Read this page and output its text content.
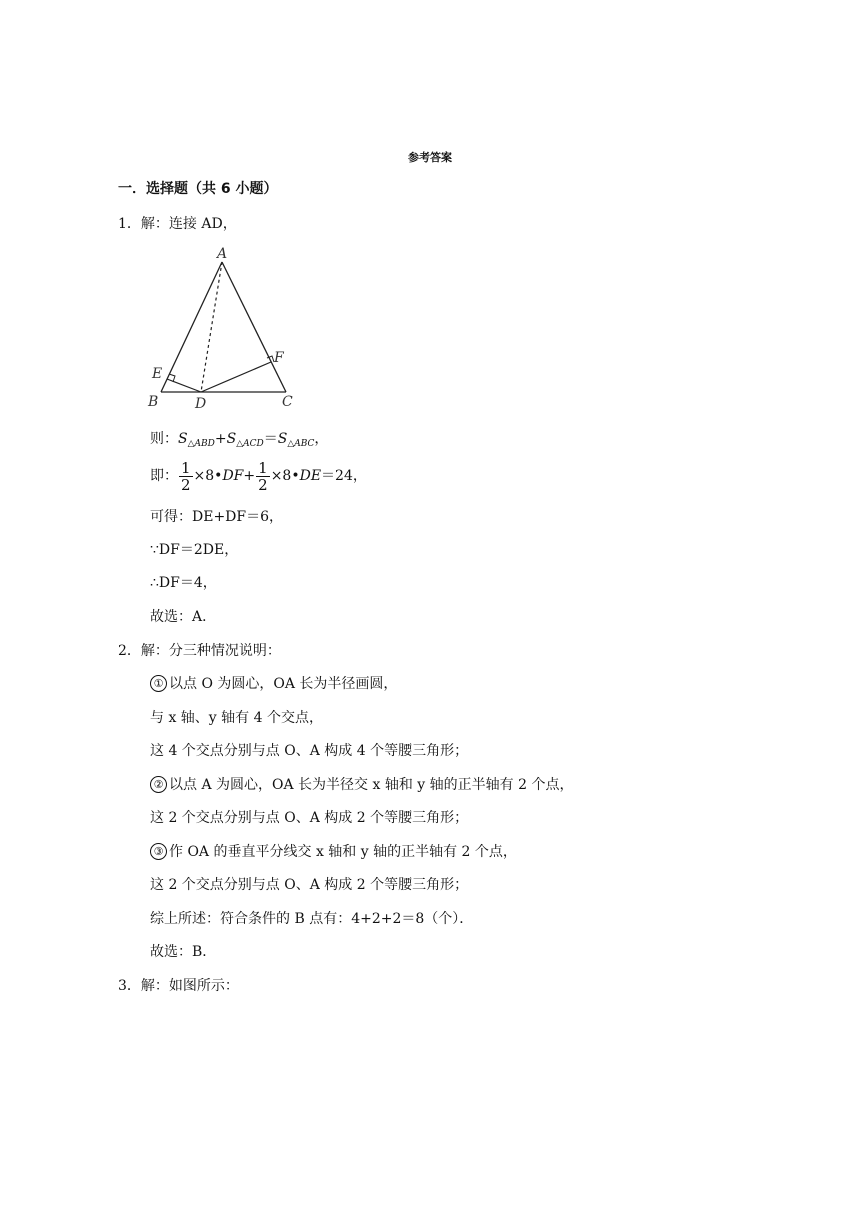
参考答案
一．选择题（共 6 小题）
1．解：连接 AD，
A
B	C
D
E
F
则：$S_{\triangle ABD}+S_{\triangle ACD}=S_{\triangle ABC}$，
即： $\frac{1}{2}$ ×8•DF+ $\frac{1}{2}$ ×8•DE＝24，
可得：DE+DF＝6，
∵DF＝2DE，
∴DF＝4，
故选：A．
2．解：分三种情况说明：
① 以点 O 为圆心，OA 长为半径画圆，
与 x 轴、y 轴有 4 个交点，
这 4 个交点分别与点 O、A 构成 4 个等腰三角形；
② 以点 A 为圆心，OA 长为半径交 x 轴和 y 轴的正半轴有 2 个点，
这 2 个交点分别与点 O、A 构成 2 个等腰三角形；
③ 作 OA 的垂直平分线交 x 轴和 y 轴的正半轴有 2 个点，
这 2 个交点分别与点 O、A 构成 2 个等腰三角形；
综上所述：符合条件的 B 点有：4+2+2＝8（个）．
故选：B．
3．解：如图所示：
